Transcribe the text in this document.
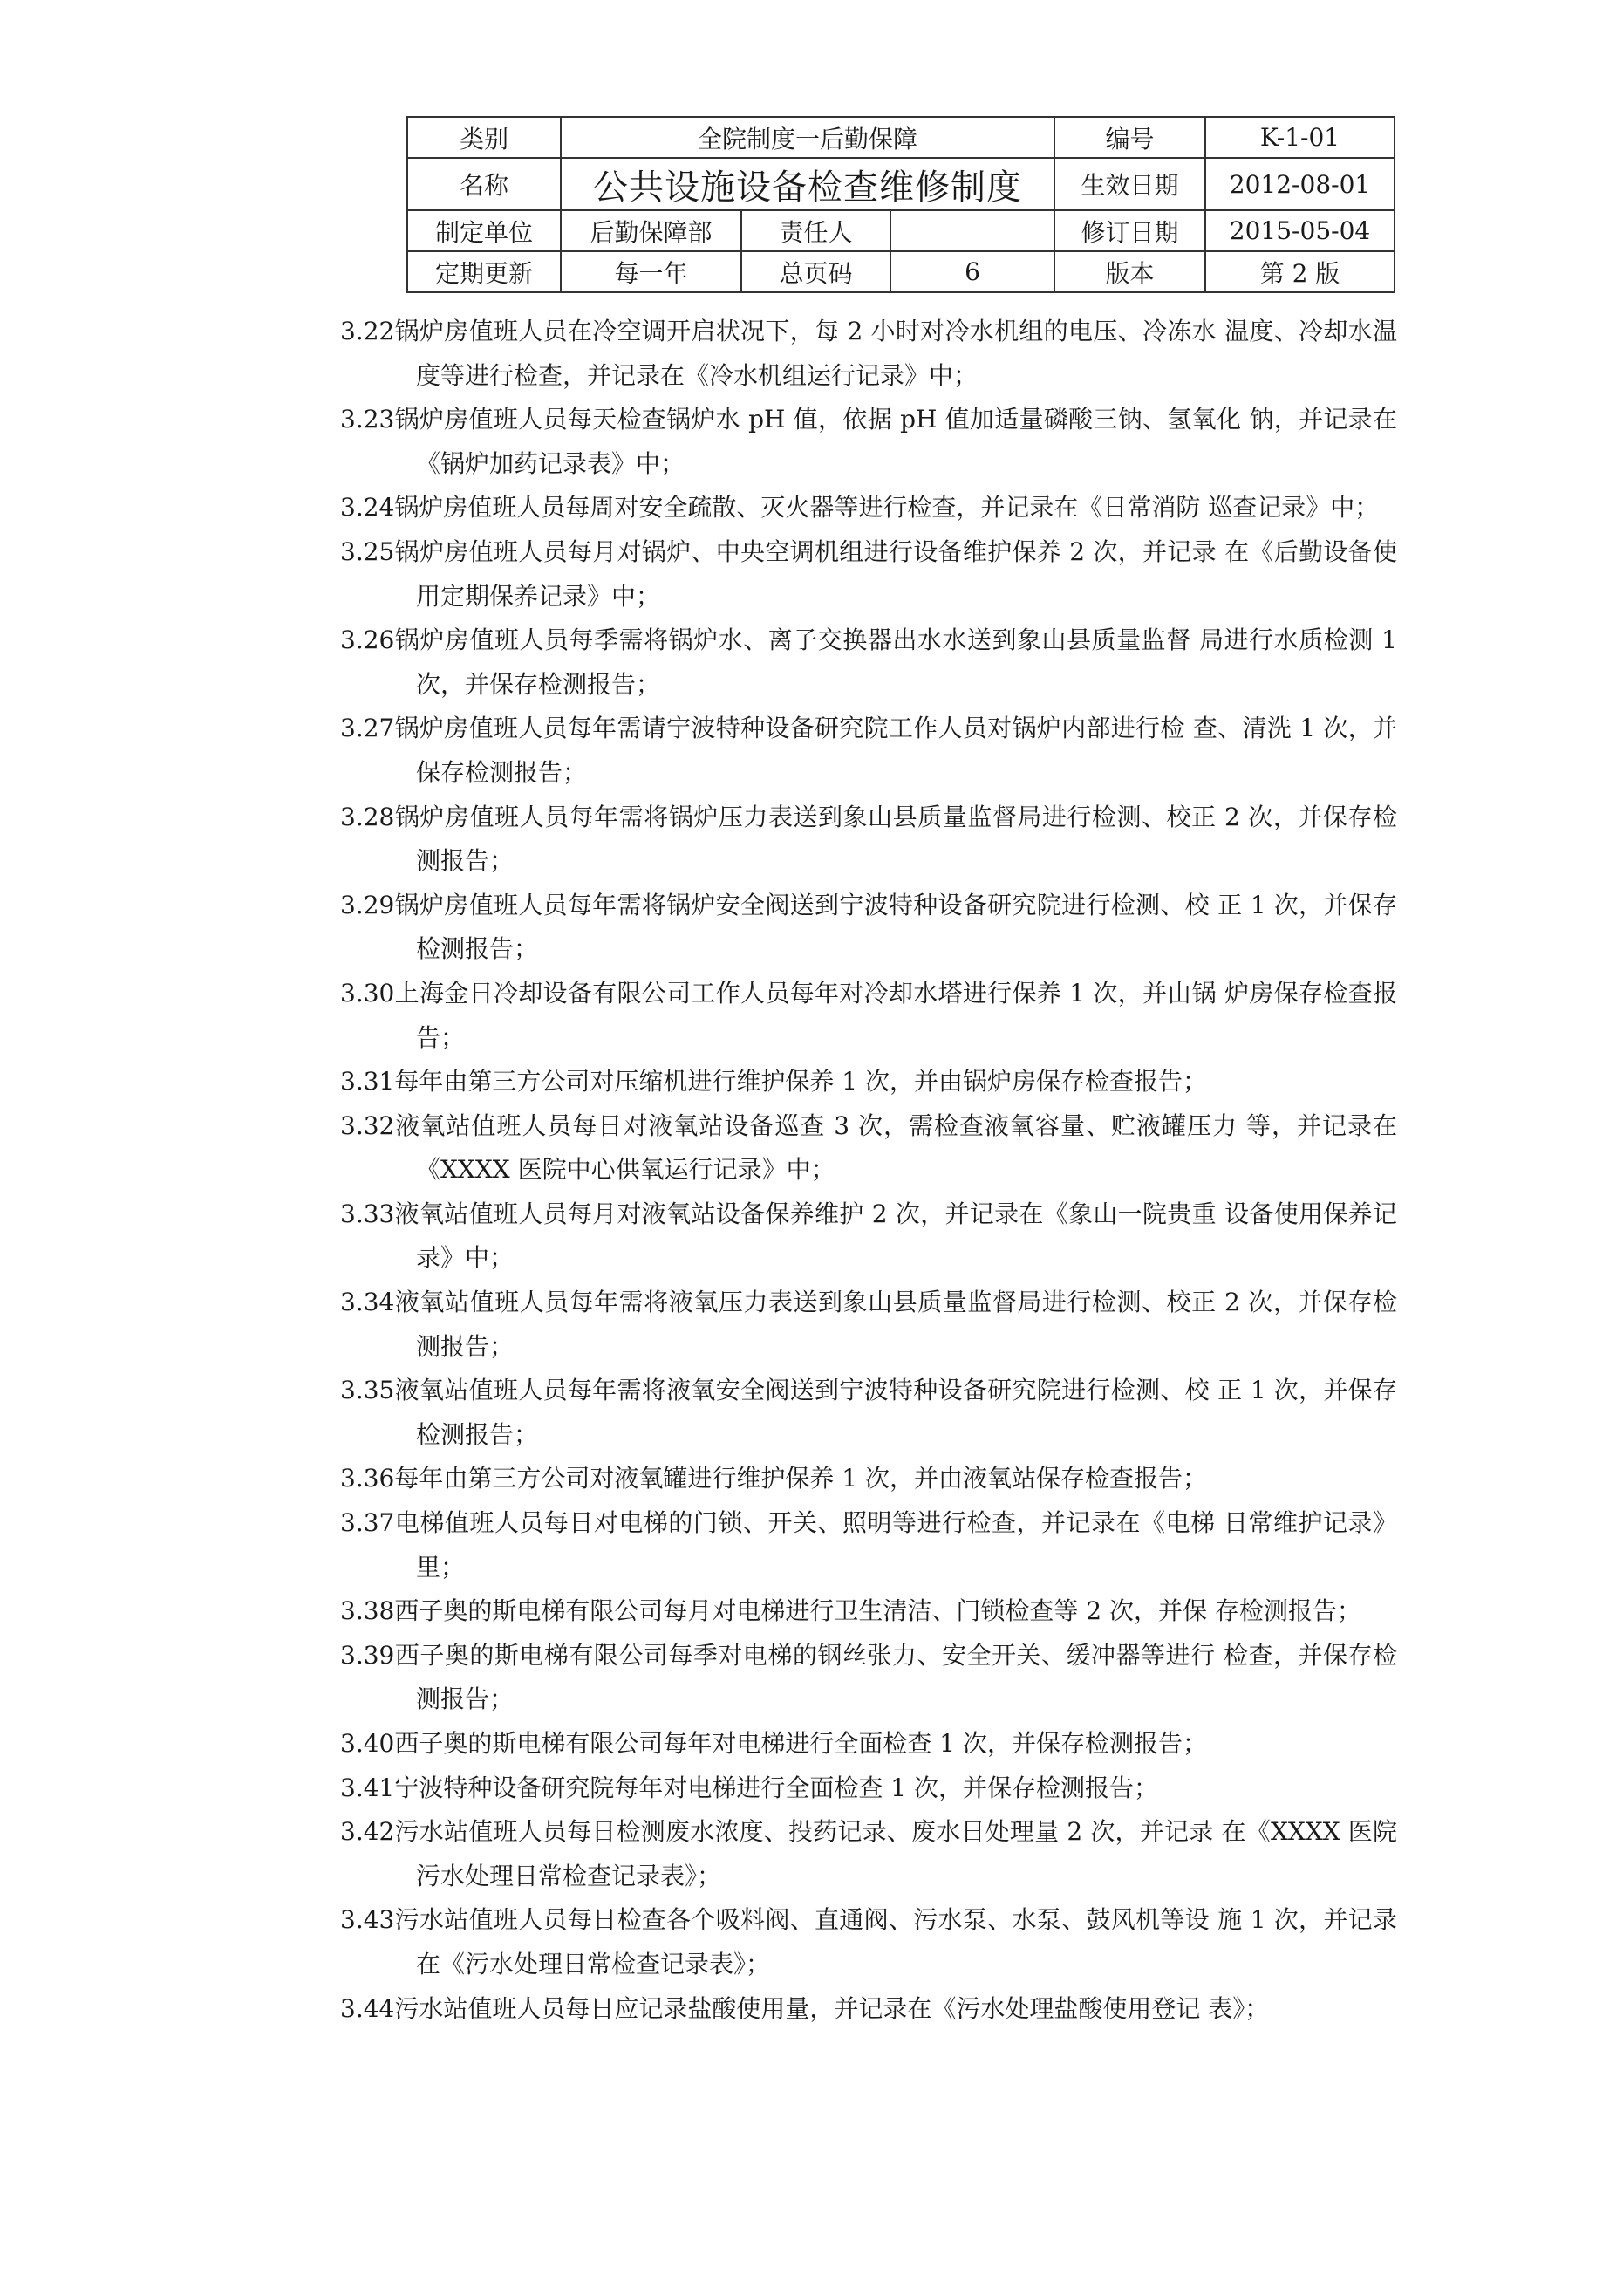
	类别	全院制度一后勤保障			编号	K-1-01
	名称	公共设施设备检查维修制度			生效日期	2012-08-01
	制定单位	后勤保障部	责任人		修订日期	2015-05-04
	定期更新	每一年	总页码	6	版本	第 2 版

3.22锅炉房值班人员在冷空调开启状况下，每 2 小时对冷水机组的电压、冷冻水 温度、冷却水温度等进行检查，并记录在《冷水机组运行记录》中；

3.23锅炉房值班人员每天检查锅炉水 pH 值，依据 pH 值加适量磷酸三钠、氢氧化 钠，并记录在《锅炉加药记录表》中；

3.24锅炉房值班人员每周对安全疏散、灭火器等进行检查，并记录在《日常消防 巡查记录》中；

3.25锅炉房值班人员每月对锅炉、中央空调机组进行设备维护保养 2 次，并记录 在《后勤设备使用定期保养记录》中；

3.26锅炉房值班人员每季需将锅炉水、离子交换器出水水送到象山县质量监督 局进行水质检测 1 次，并保存检测报告；

3.27锅炉房值班人员每年需请宁波特种设备研究院工作人员对锅炉内部进行检 查、清洗 1 次，并保存检测报告；

3.28锅炉房值班人员每年需将锅炉压力表送到象山县质量监督局进行检测、校正 2 次，并保存检测报告；

3.29锅炉房值班人员每年需将锅炉安全阀送到宁波特种设备研究院进行检测、校 正 1 次，并保存检测报告；

3.30上海金日冷却设备有限公司工作人员每年对冷却水塔进行保养 1 次，并由锅 炉房保存检查报告；

3.31每年由第三方公司对压缩机进行维护保养 1 次，并由锅炉房保存检查报告；

3.32液氧站值班人员每日对液氧站设备巡查 3 次，需检查液氧容量、贮液罐压力 等，并记录在《XXXX 医院中心供氧运行记录》中；

3.33液氧站值班人员每月对液氧站设备保养维护 2 次，并记录在《象山一院贵重 设备使用保养记录》中；

3.34液氧站值班人员每年需将液氧压力表送到象山县质量监督局进行检测、校正 2 次，并保存检测报告；

3.35液氧站值班人员每年需将液氧安全阀送到宁波特种设备研究院进行检测、校 正 1 次，并保存检测报告；

3.36每年由第三方公司对液氧罐进行维护保养 1 次，并由液氧站保存检查报告；

3.37电梯值班人员每日对电梯的门锁、开关、照明等进行检查，并记录在《电梯 日常维护记录》里；

3.38西子奥的斯电梯有限公司每月对电梯进行卫生清洁、门锁检查等 2 次，并保 存检测报告；

3.39西子奥的斯电梯有限公司每季对电梯的钢丝张力、安全开关、缓冲器等进行 检查，并保存检测报告；

3.40西子奥的斯电梯有限公司每年对电梯进行全面检查 1 次，并保存检测报告；

3.41宁波特种设备研究院每年对电梯进行全面检查 1 次，并保存检测报告；

3.42污水站值班人员每日检测废水浓度、投药记录、废水日处理量 2 次，并记录 在《XXXX 医院污水处理日常检查记录表》；

3.43污水站值班人员每日检查各个吸料阀、直通阀、污水泵、水泵、鼓风机等设 施 1 次，并记录在《污水处理日常检查记录表》；

3.44污水站值班人员每日应记录盐酸使用量，并记录在《污水处理盐酸使用登记 表》；
